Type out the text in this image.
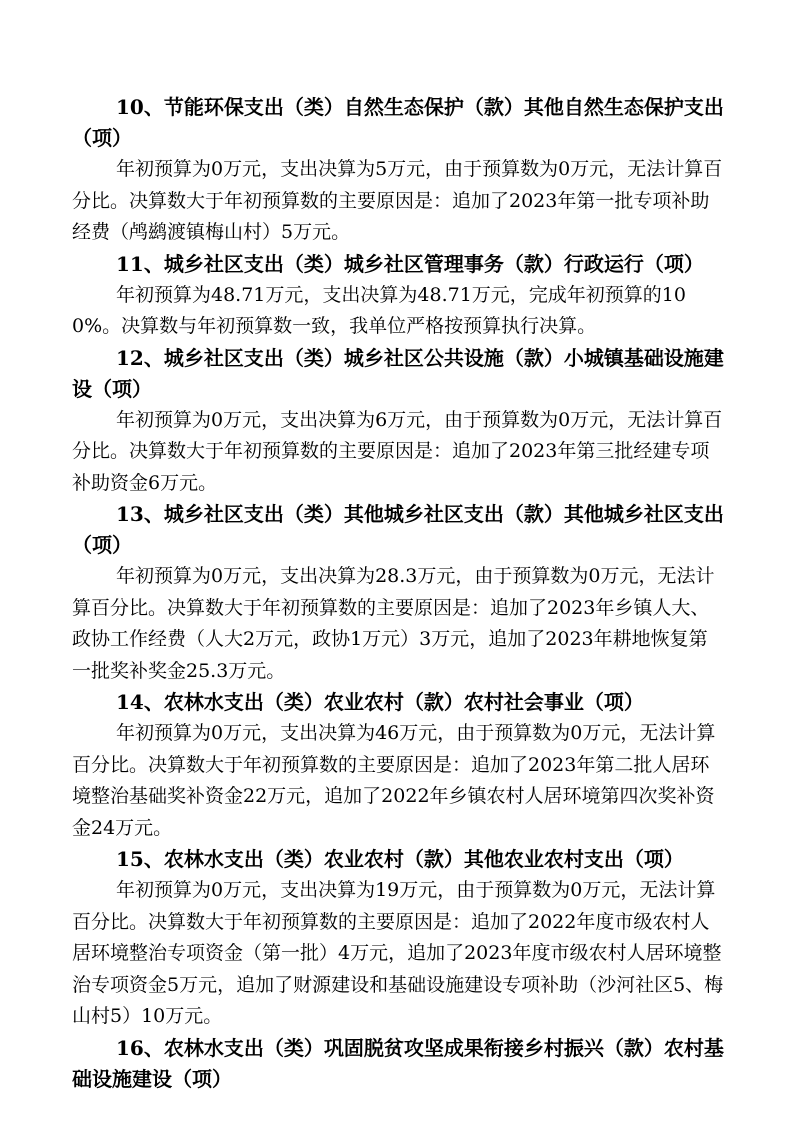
10、节能环保支出（类）自然生态保护（款）其他自然生态保护支出（项）

年初预算为0万元，支出决算为5万元，由于预算数为0万元，无法计算百分比。决算数大于年初预算数的主要原因是：追加了2023年第一批专项补助经费（鸬鹚渡镇梅山村）5万元。

11、城乡社区支出（类）城乡社区管理事务（款）行政运行（项）

年初预算为48.71万元，支出决算为48.71万元，完成年初预算的100%。决算数与年初预算数一致，我单位严格按预算执行决算。

12、城乡社区支出（类）城乡社区公共设施（款）小城镇基础设施建设（项）

年初预算为0万元，支出决算为6万元，由于预算数为0万元，无法计算百分比。决算数大于年初预算数的主要原因是：追加了2023年第三批经建专项补助资金6万元。

13、城乡社区支出（类）其他城乡社区支出（款）其他城乡社区支出（项）

年初预算为0万元，支出决算为28.3万元，由于预算数为0万元，无法计算百分比。决算数大于年初预算数的主要原因是：追加了2023年乡镇人大、政协工作经费（人大2万元，政协1万元）3万元，追加了2023年耕地恢复第一批奖补奖金25.3万元。

14、农林水支出（类）农业农村（款）农村社会事业（项）

年初预算为0万元，支出决算为46万元，由于预算数为0万元，无法计算百分比。决算数大于年初预算数的主要原因是：追加了2023年第二批人居环境整治基础奖补资金22万元，追加了2022年乡镇农村人居环境第四次奖补资金24万元。

15、农林水支出（类）农业农村（款）其他农业农村支出（项）

年初预算为0万元，支出决算为19万元，由于预算数为0万元，无法计算百分比。决算数大于年初预算数的主要原因是：追加了2022年度市级农村人居环境整治专项资金（第一批）4万元，追加了2023年度市级农村人居环境整治专项资金5万元，追加了财源建设和基础设施建设专项补助（沙河社区5、梅山村5）10万元。

16、农林水支出（类）巩固脱贫攻坚成果衔接乡村振兴（款）农村基础设施建设（项）
